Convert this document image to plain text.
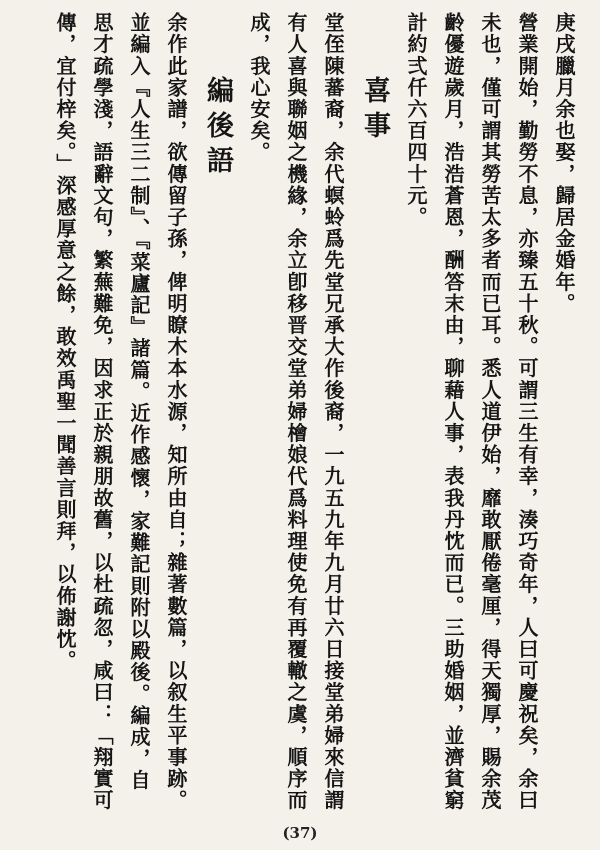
庚戌臘月余也娶，歸居金婚年。

營業開始，勤勞不息，亦臻五十秋。可謂三生有幸，湊巧奇年，人曰可慶祝矣，余曰未也，僅可謂其勞苦太多者而已耳。悉人道伊始，靡敢厭倦毫厘，得天獨厚，賜余茂齡優遊歲月，浩浩蒼恩，酬答末由，聊藉人事，表我丹忱而已。三助婚姻，並濟貧窮計約弍仟六百四十元。

喜事

堂侄陳蕃裔，余代螟蛉爲先堂兄承大作後裔，一九五九年九月廿六日接堂弟婦來信謂有人喜與聯姻之機緣，余立卽移晋交堂弟婦檜娘代爲料理使免有再覆轍之虞，順序而成，我心安矣。

編後語

余作此家譜，欲傳留子孫，俾明瞭木本水源，知所由自；雜著數篇，以叙生平事跡。並編入『人生三二制』、『菜廬記』諸篇。近作感懷，家難記則附以殿後。編成，自思才疏學淺，語辭文句，繁蕪難免，因求正於親朋故舊，以杜疏忽，咸曰：「翔實可傳，宜付梓矣。」深感厚意之餘，敢效禹聖一聞善言則拜，以佈謝忱。

(37)
